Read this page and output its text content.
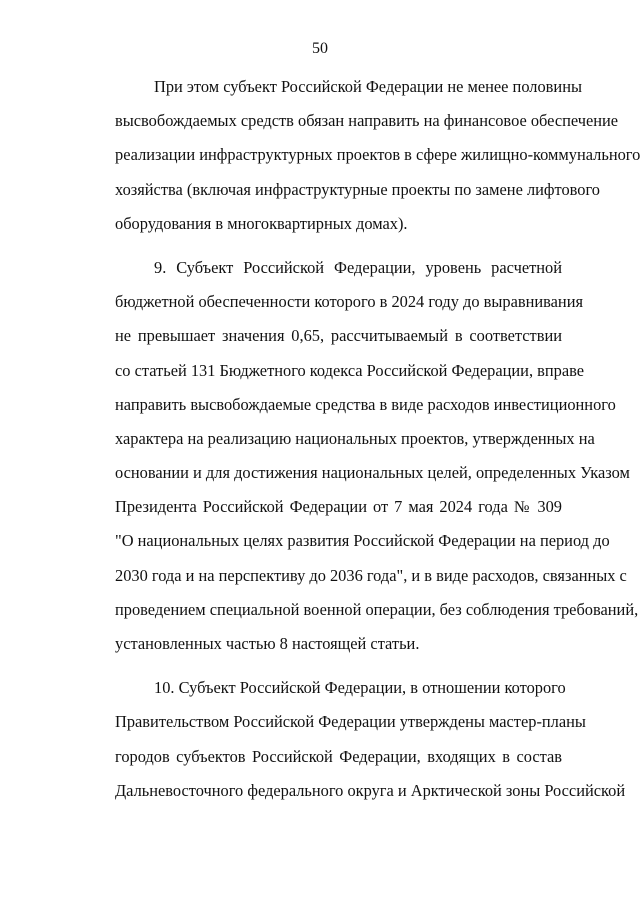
50
При этом субъект Российской Федерации не менее половины
высвобождаемых средств обязан направить на финансовое обеспечение
реализации инфраструктурных проектов в сфере жилищно-коммунального
хозяйства (включая инфраструктурные проекты по замене лифтового
оборудования в многоквартирных домах).
9. Субъект Российской Федерации, уровень расчетной
бюджетной обеспеченности которого в 2024 году до выравнивания
не превышает значения 0,65, рассчитываемый в соответствии
со статьей 131 Бюджетного кодекса Российской Федерации, вправе
направить высвобождаемые средства в виде расходов инвестиционного
характера на реализацию национальных проектов, утвержденных на
основании и для достижения национальных целей, определенных Указом
Президента Российской Федерации от 7 мая 2024 года № 309
"О национальных целях развития Российской Федерации на период до
2030 года и на перспективу до 2036 года", и в виде расходов, связанных с
проведением специальной военной операции, без соблюдения требований,
установленных частью 8 настоящей статьи.
10. Субъект Российской Федерации, в отношении которого
Правительством Российской Федерации утверждены мастер-планы
городов субъектов Российской Федерации, входящих в состав
Дальневосточного федерального округа и Арктической зоны Российской
